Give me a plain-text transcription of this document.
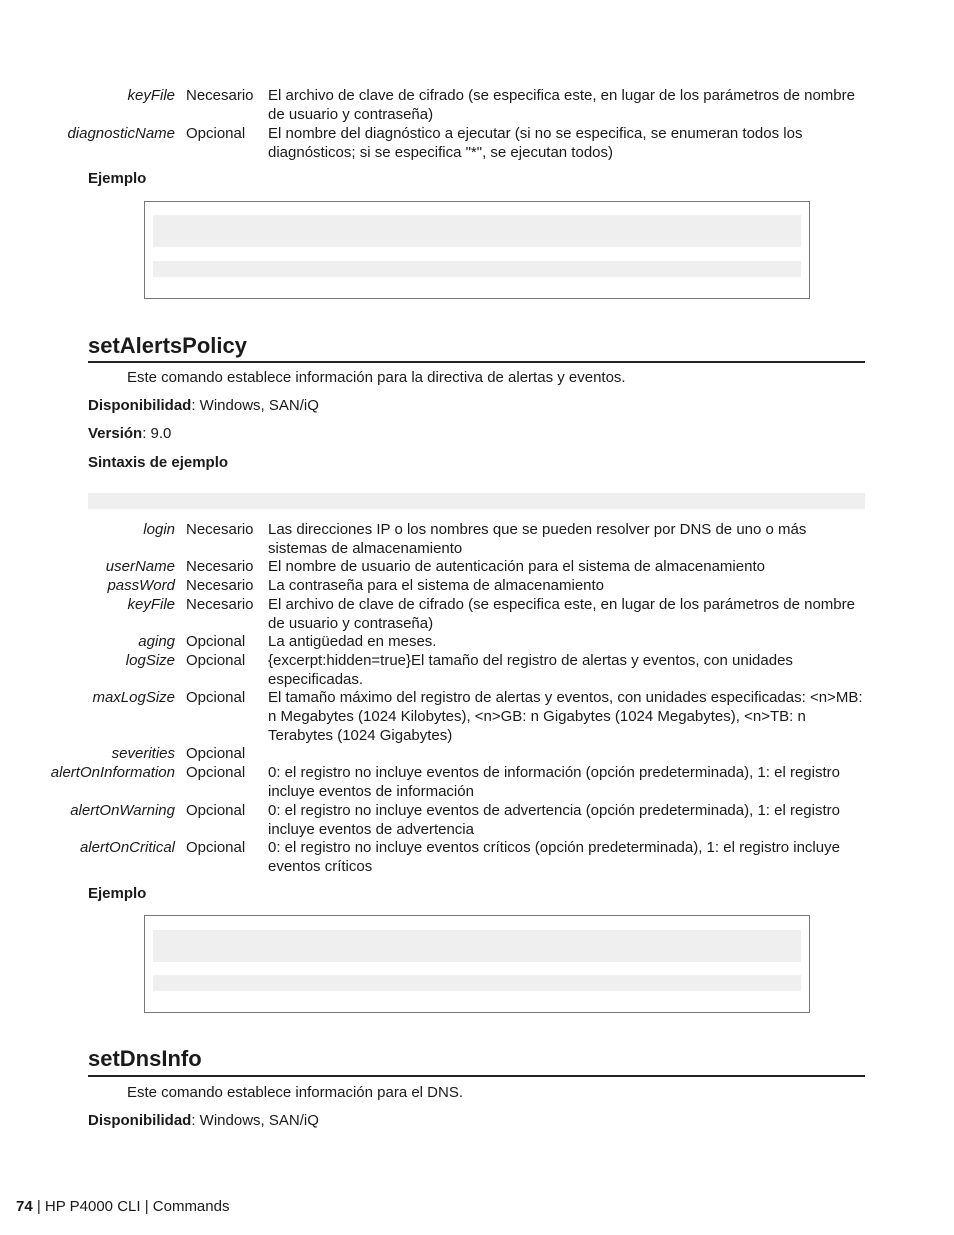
keyFile Necesario El archivo de clave de cifrado (se especifica este, en lugar de los parámetros de nombre de usuario y contraseña)
diagnosticName Opcional El nombre del diagnóstico a ejecutar (si no se especifica, se enumeran todos los diagnósticos; si se especifica "*", se ejecutan todos)
Ejemplo
setAlertsPolicy
Este comando establece información para la directiva de alertas y eventos.
Disponibilidad: Windows, SAN/iQ
Versión: 9.0
Sintaxis de ejemplo
login Necesario Las direcciones IP o los nombres que se pueden resolver por DNS de uno o más sistemas de almacenamiento
userName Necesario El nombre de usuario de autenticación para el sistema de almacenamiento
passWord Necesario La contraseña para el sistema de almacenamiento
keyFile Necesario El archivo de clave de cifrado (se especifica este, en lugar de los parámetros de nombre de usuario y contraseña)
aging Opcional La antigüedad en meses.
logSize Opcional {excerpt:hidden=true}El tamaño del registro de alertas y eventos, con unidades especificadas.
maxLogSize Opcional El tamaño máximo del registro de alertas y eventos, con unidades especificadas: <n>MB: n Megabytes (1024 Kilobytes), <n>GB: n Gigabytes (1024 Megabytes), <n>TB: n Terabytes (1024 Gigabytes)
severities Opcional
alertOnInformation Opcional 0: el registro no incluye eventos de información (opción predeterminada), 1: el registro incluye eventos de información
alertOnWarning Opcional 0: el registro no incluye eventos de advertencia (opción predeterminada), 1: el registro incluye eventos de advertencia
alertOnCritical Opcional 0: el registro no incluye eventos críticos (opción predeterminada), 1: el registro incluye eventos críticos
Ejemplo
setDnsInfo
Este comando establece información para el DNS.
Disponibilidad: Windows, SAN/iQ
74 | HP P4000 CLI | Commands
